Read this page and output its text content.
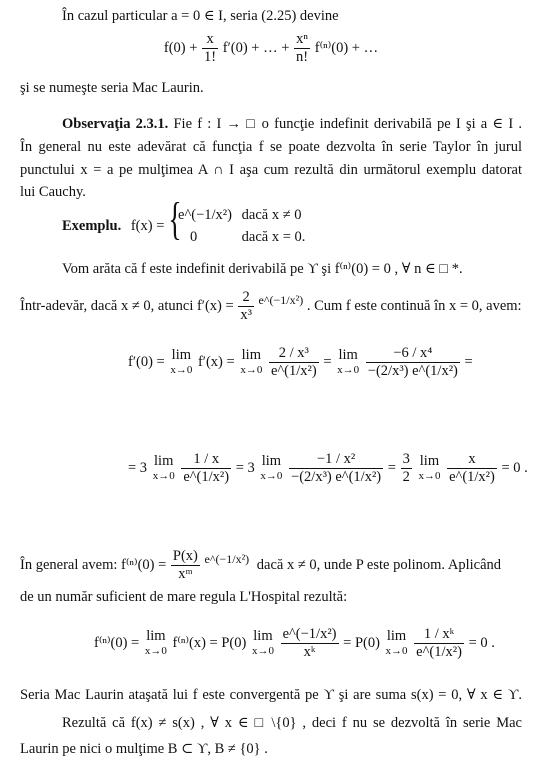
În cazul particular a = 0 ∈ I, seria (2.25) devine
$f(0) + \frac{x}{1!} f'(0)$ + … + $\frac{\text{xⁿ}}{n!} f^{(n)}(0)$ + …
şi se numeşte seria Mac Laurin.
Observaţia 2.3.1. Fie f : I → □ o funcţie indefinit derivabilă pe I şi a ∈ I .
În general nu este adevărat că funcţia f se poate dezvolta în serie Taylor în jurul
punctului x = a pe mulţimea A ∩ I aşa cum rezultă din următorul exemplu datorat
lui Cauchy.
Exemplu. f(x) =
{ e^(−1/x²) dacă x ≠ 0
0	dacă x = 0.
Vom arăta că f este indefinit derivabilă pe ϒ şi f⁽ⁿ⁾(0) = 0 , ∀ n ∈ □ *.
Într-adevăr, dacă x ≠ 0, atunci $f'(x) = \frac{2}{\text{x³}}$ e^(−1/x²) . Cum f este continuă în x = 0, avem:
f′(0) = lim
x→0 f′(x) = lim
x→0
$\frac{\text{2 / x³}}{\text{e\textasciicircum{}(1/x²)}} = \lim$
x→0
$\frac{\text{−6 / x⁴}}{\text{−(2/x³) e\textasciicircum{}(1/x²)}}$ =
= 3 lim
x→0
$\frac{1 / x}{\text{e\textasciicircum{}(1/x²)}} = 3$ lim
x→0
$\frac{\text{−1 / x²}}{\text{−(2/x³) e\textasciicircum{}(1/x²)}} = \frac{3}{2}$
lim
x→0
$\frac{x}{\text{e\textasciicircum{}(1/x²)}} = 0$ .
În general avem: $f^{(n)}(0) = \frac{P(x)}{\text{xᵐ}}$ e^(−1/x²) dacă x ≠ 0, unde P este polinom. Aplicând
de un număr suficient de mare regula L'Hospital rezultă:
f⁽ⁿ⁾(0) = lim
x→0 f⁽ⁿ⁾(x) = P(0) lim
x→0
$\frac{\text{e\textasciicircum{}(−1/x²)}}{\text{xᵏ}} = P(0)$ lim
x→0
$\frac{\text{1 / xᵏ}}{\text{e\textasciicircum{}(1/x²)}} = 0$ .
Seria Mac Laurin ataşată lui f este convergentă pe ϒ şi are suma s(x) = 0, ∀ x ∈ ϒ.
Rezultă că f(x) ≠ s(x) , ∀ x ∈ □ \{0} , deci f nu se dezvoltă în serie Mac
Laurin pe nici o mulţime B ⊂ ϒ, B ≠ {0} .
